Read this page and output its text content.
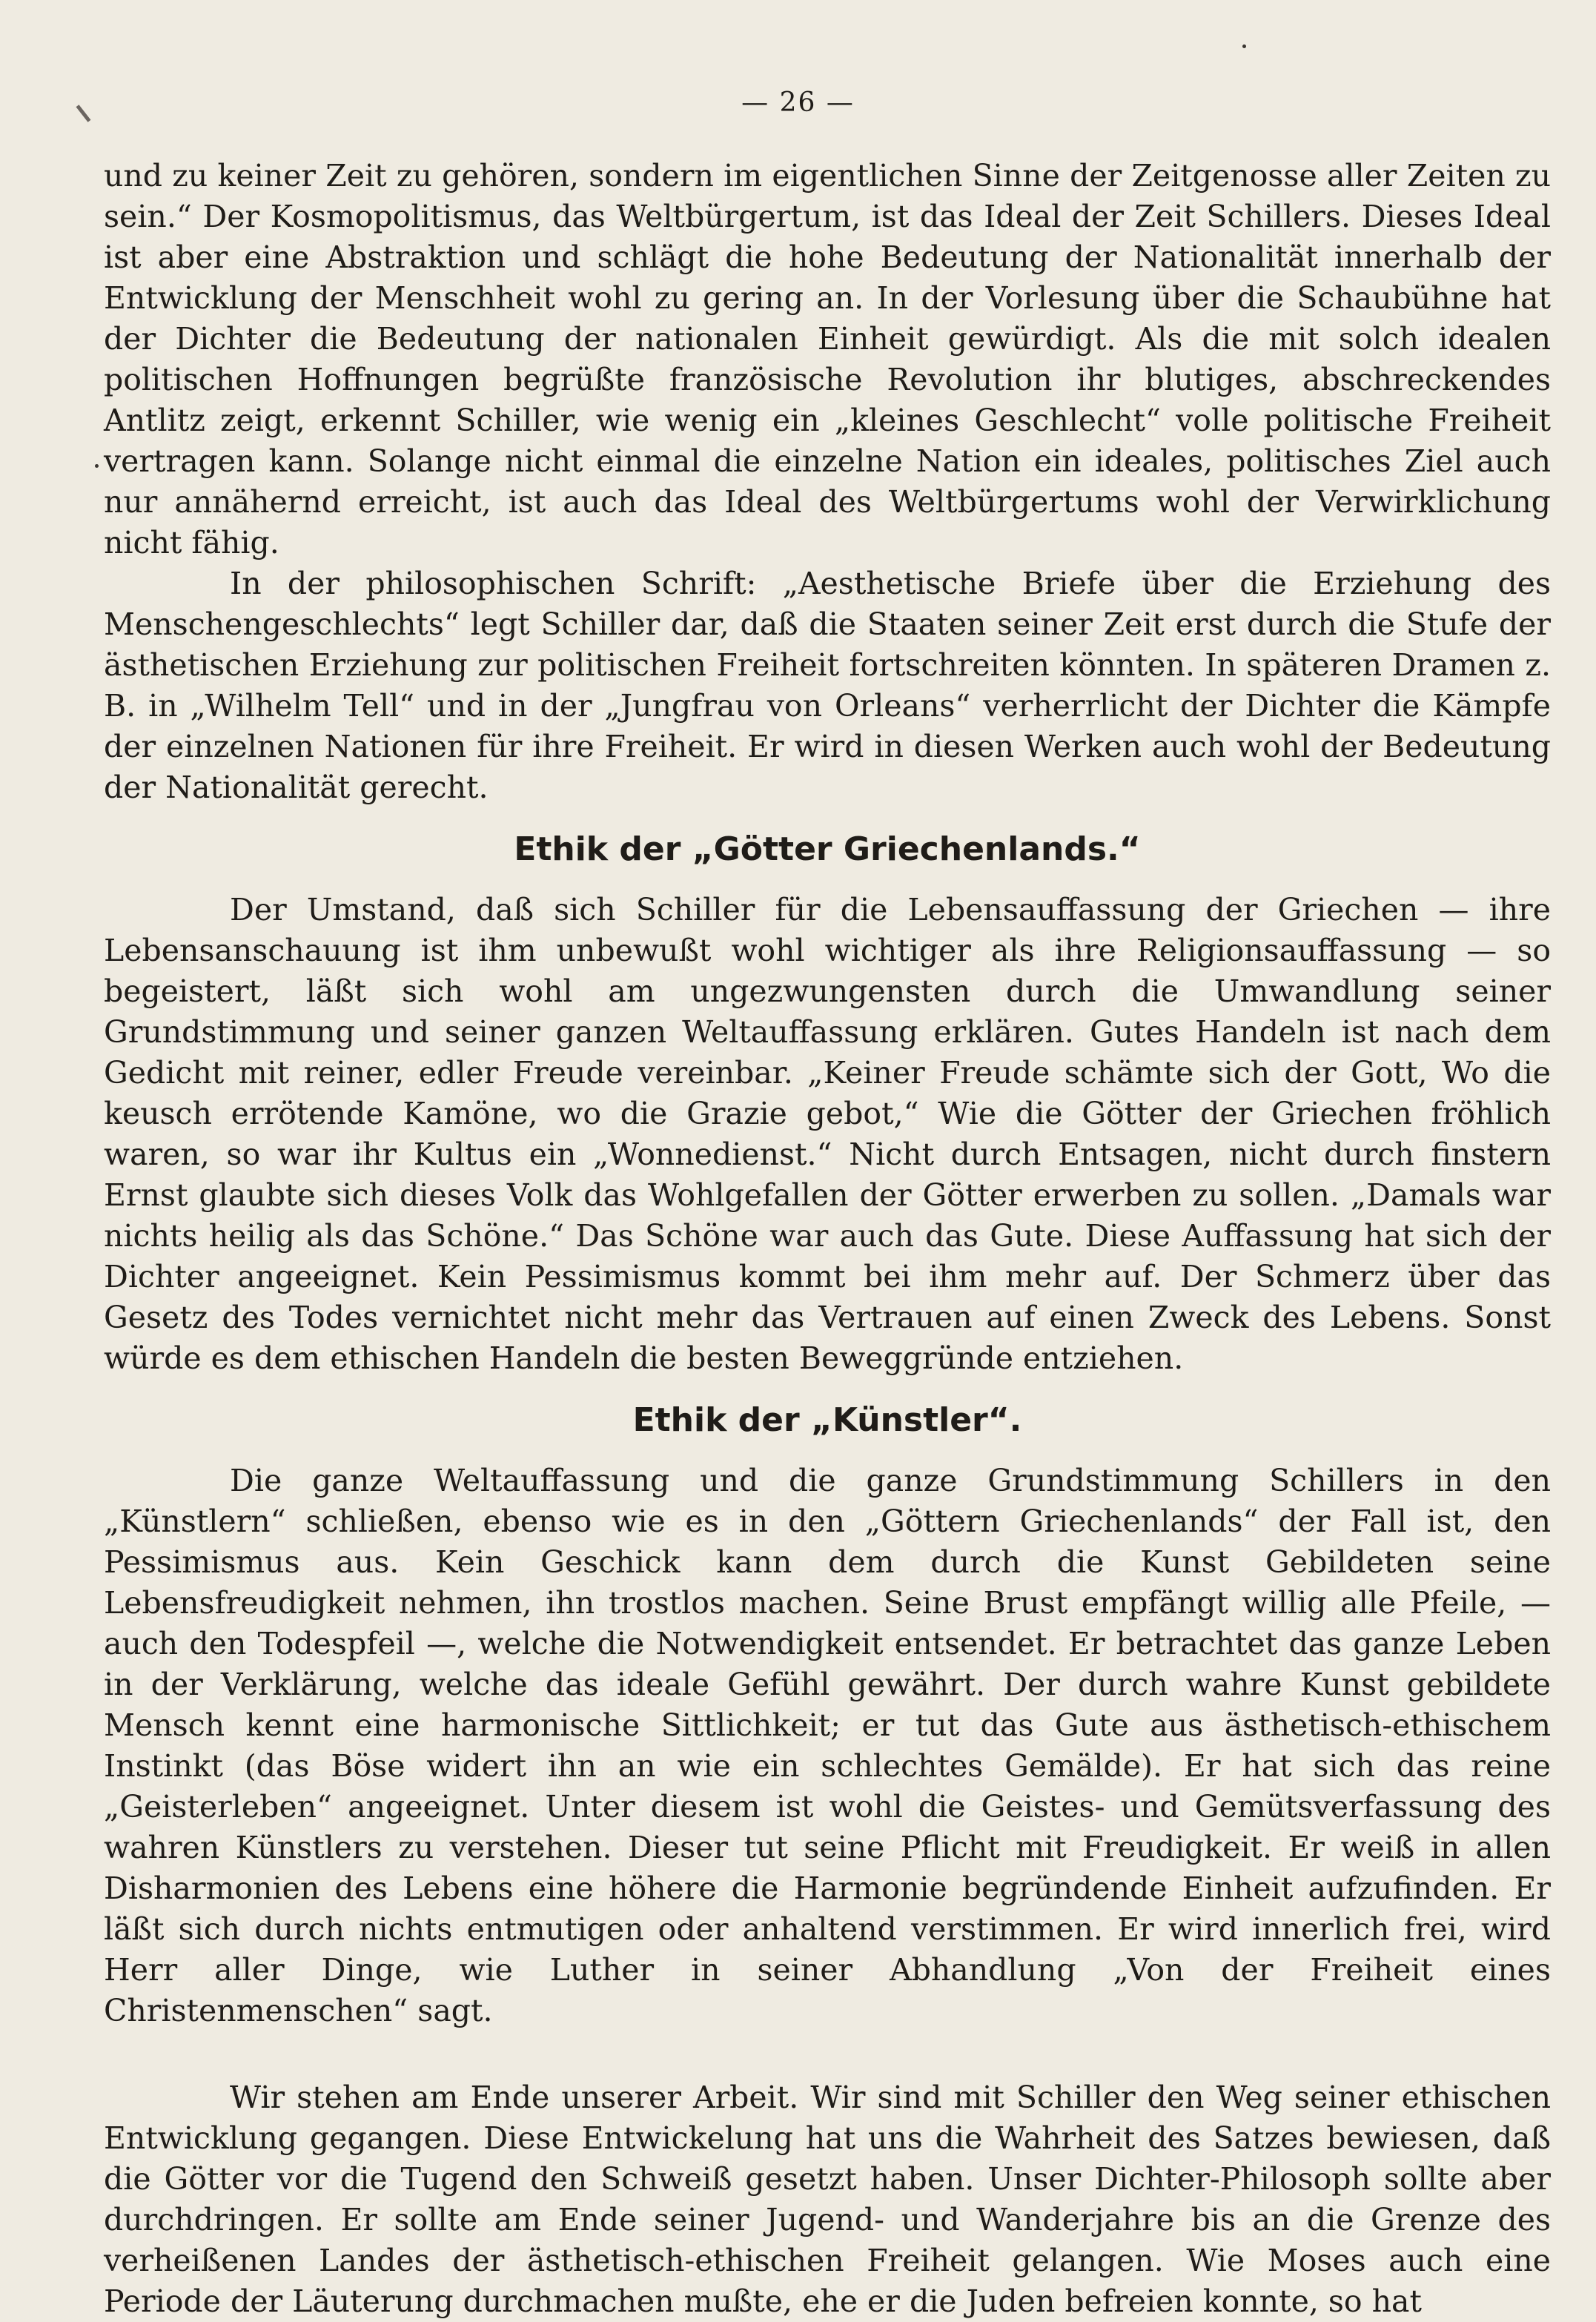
— 26 —

und zu keiner Zeit zu gehören, sondern im eigentlichen Sinne der Zeitgenosse aller Zeiten zu sein.“ Der Kosmopolitismus, das Weltbürgertum, ist das Ideal der Zeit Schillers. Dieses Ideal ist aber eine Abstraktion und schlägt die hohe Bedeutung der Nationalität innerhalb der Entwicklung der Menschheit wohl zu gering an. In der Vorlesung über die Schaubühne hat der Dichter die Bedeutung der nationalen Einheit gewürdigt. Als die mit solch idealen politischen Hoffnungen begrüßte französische Revolution ihr blutiges, abschreckendes Antlitz zeigt, erkennt Schiller, wie wenig ein „kleines Geschlecht“ volle politische Freiheit vertragen kann. Solange nicht einmal die einzelne Nation ein ideales, politisches Ziel auch nur annähernd erreicht, ist auch das Ideal des Weltbürgertums wohl der Verwirklichung nicht fähig.

In der philosophischen Schrift: „Aesthetische Briefe über die Erziehung des Menschengeschlechts“ legt Schiller dar, daß die Staaten seiner Zeit erst durch die Stufe der ästhetischen Erziehung zur politischen Freiheit fortschreiten könnten. In späteren Dramen z. B. in „Wilhelm Tell“ und in der „Jungfrau von Orleans“ verherrlicht der Dichter die Kämpfe der einzelnen Nationen für ihre Freiheit. Er wird in diesen Werken auch wohl der Bedeutung der Nationalität gerecht.

Ethik der „Götter Griechenlands.“

Der Umstand, daß sich Schiller für die Lebensauffassung der Griechen — ihre Lebensanschauung ist ihm unbewußt wohl wichtiger als ihre Religionsauffassung — so begeistert, läßt sich wohl am ungezwungensten durch die Umwandlung seiner Grundstimmung und seiner ganzen Weltauffassung erklären. Gutes Handeln ist nach dem Gedicht mit reiner, edler Freude vereinbar. „Keiner Freude schämte sich der Gott, Wo die keusch errötende Kamöne, wo die Grazie gebot,“ Wie die Götter der Griechen fröhlich waren, so war ihr Kultus ein „Wonnedienst.“ Nicht durch Entsagen, nicht durch finstern Ernst glaubte sich dieses Volk das Wohlgefallen der Götter erwerben zu sollen. „Damals war nichts heilig als das Schöne.“ Das Schöne war auch das Gute. Diese Auffassung hat sich der Dichter angeeignet. Kein Pessimismus kommt bei ihm mehr auf. Der Schmerz über das Gesetz des Todes vernichtet nicht mehr das Vertrauen auf einen Zweck des Lebens. Sonst würde es dem ethischen Handeln die besten Beweggründe entziehen.

Ethik der „Künstler“.

Die ganze Weltauffassung und die ganze Grundstimmung Schillers in den „Künstlern“ schließen, ebenso wie es in den „Göttern Griechenlands“ der Fall ist, den Pessimismus aus. Kein Geschick kann dem durch die Kunst Gebildeten seine Lebensfreudigkeit nehmen, ihn trostlos machen. Seine Brust empfängt willig alle Pfeile, — auch den Todespfeil —, welche die Notwendigkeit entsendet. Er betrachtet das ganze Leben in der Verklärung, welche das ideale Gefühl gewährt. Der durch wahre Kunst gebildete Mensch kennt eine harmonische Sittlichkeit; er tut das Gute aus ästhetisch-ethischem Instinkt (das Böse widert ihn an wie ein schlechtes Gemälde). Er hat sich das reine „Geisterleben“ angeeignet. Unter diesem ist wohl die Geistes- und Gemütsverfassung des wahren Künstlers zu verstehen. Dieser tut seine Pflicht mit Freudigkeit. Er weiß in allen Disharmonien des Lebens eine höhere die Harmonie begründende Einheit aufzufinden. Er läßt sich durch nichts entmutigen oder anhaltend verstimmen. Er wird innerlich frei, wird Herr aller Dinge, wie Luther in seiner Abhandlung „Von der Freiheit eines Christenmenschen“ sagt.

Wir stehen am Ende unserer Arbeit. Wir sind mit Schiller den Weg seiner ethischen Entwicklung gegangen. Diese Entwickelung hat uns die Wahrheit des Satzes bewiesen, daß die Götter vor die Tugend den Schweiß gesetzt haben. Unser Dichter-Philosoph sollte aber durchdringen. Er sollte am Ende seiner Jugend- und Wanderjahre bis an die Grenze des verheißenen Landes der ästhetisch-ethischen Freiheit gelangen. Wie Moses auch eine Periode der Läuterung durchmachen mußte, ehe er die Juden befreien konnte, so hat
